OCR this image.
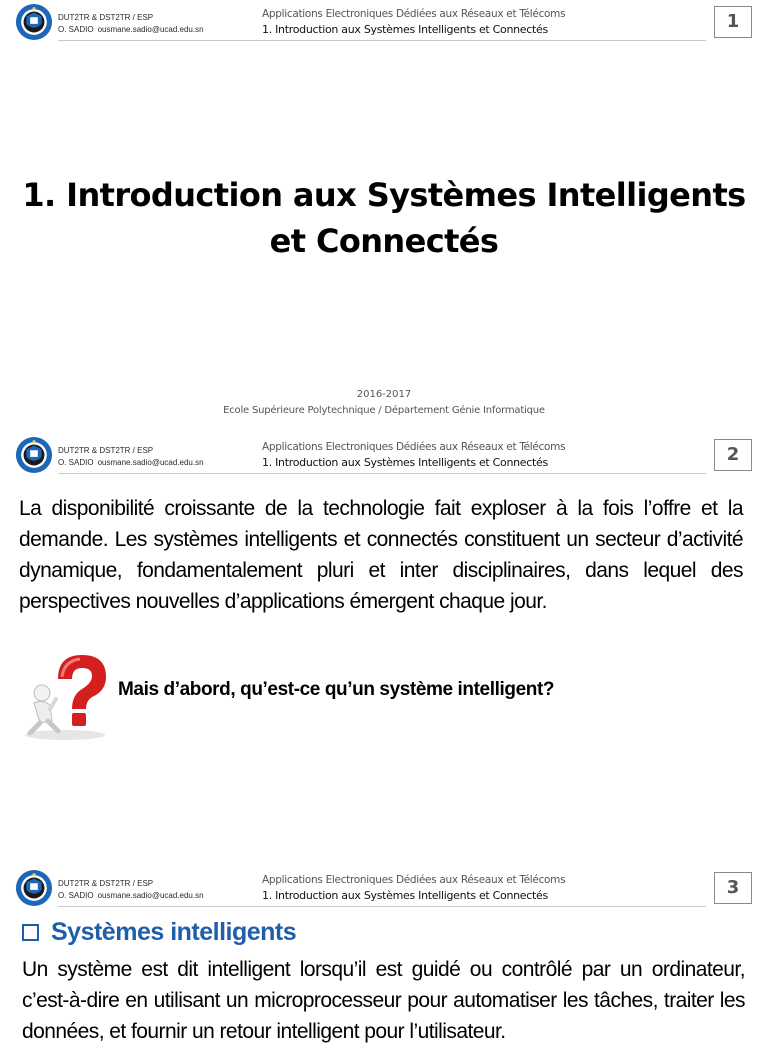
DUT2TR & DST2TR / ESP
O. SADIO ousmane.sadio@ucad.edu.sn
Applications Electroniques Dédiées aux Réseaux et Télécoms
1. Introduction aux Systèmes Intelligents et Connectés	1
1. Introduction aux Systèmes Intelligents
et Connectés
2016-2017
Ecole Supérieure Polytechnique / Département Génie Informatique
DUT2TR & DST2TR / ESP
O. SADIO ousmane.sadio@ucad.edu.sn
Applications Electroniques Dédiées aux Réseaux et Télécoms
1. Introduction aux Systèmes Intelligents et Connectés	2
La disponibilité croissante de la technologie fait exploser à la fois l’offre et la demande. Les systèmes intelligents et connectés constituent un secteur d’activité dynamique, fondamentalement pluri et inter disciplinaires, dans lequel des perspectives nouvelles d’applications émergent chaque jour.
Mais d’abord, qu’est-ce qu’un système intelligent?
DUT2TR & DST2TR / ESP
O. SADIO ousmane.sadio@ucad.edu.sn
Applications Electroniques Dédiées aux Réseaux et Télécoms
1. Introduction aux Systèmes Intelligents et Connectés	3
Systèmes intelligents
Un système est dit intelligent lorsqu’il est guidé ou contrôlé par un ordinateur, c’est-à-dire en utilisant un microprocesseur pour automatiser les tâches, traiter les données, et fournir un retour intelligent pour l’utilisateur.
